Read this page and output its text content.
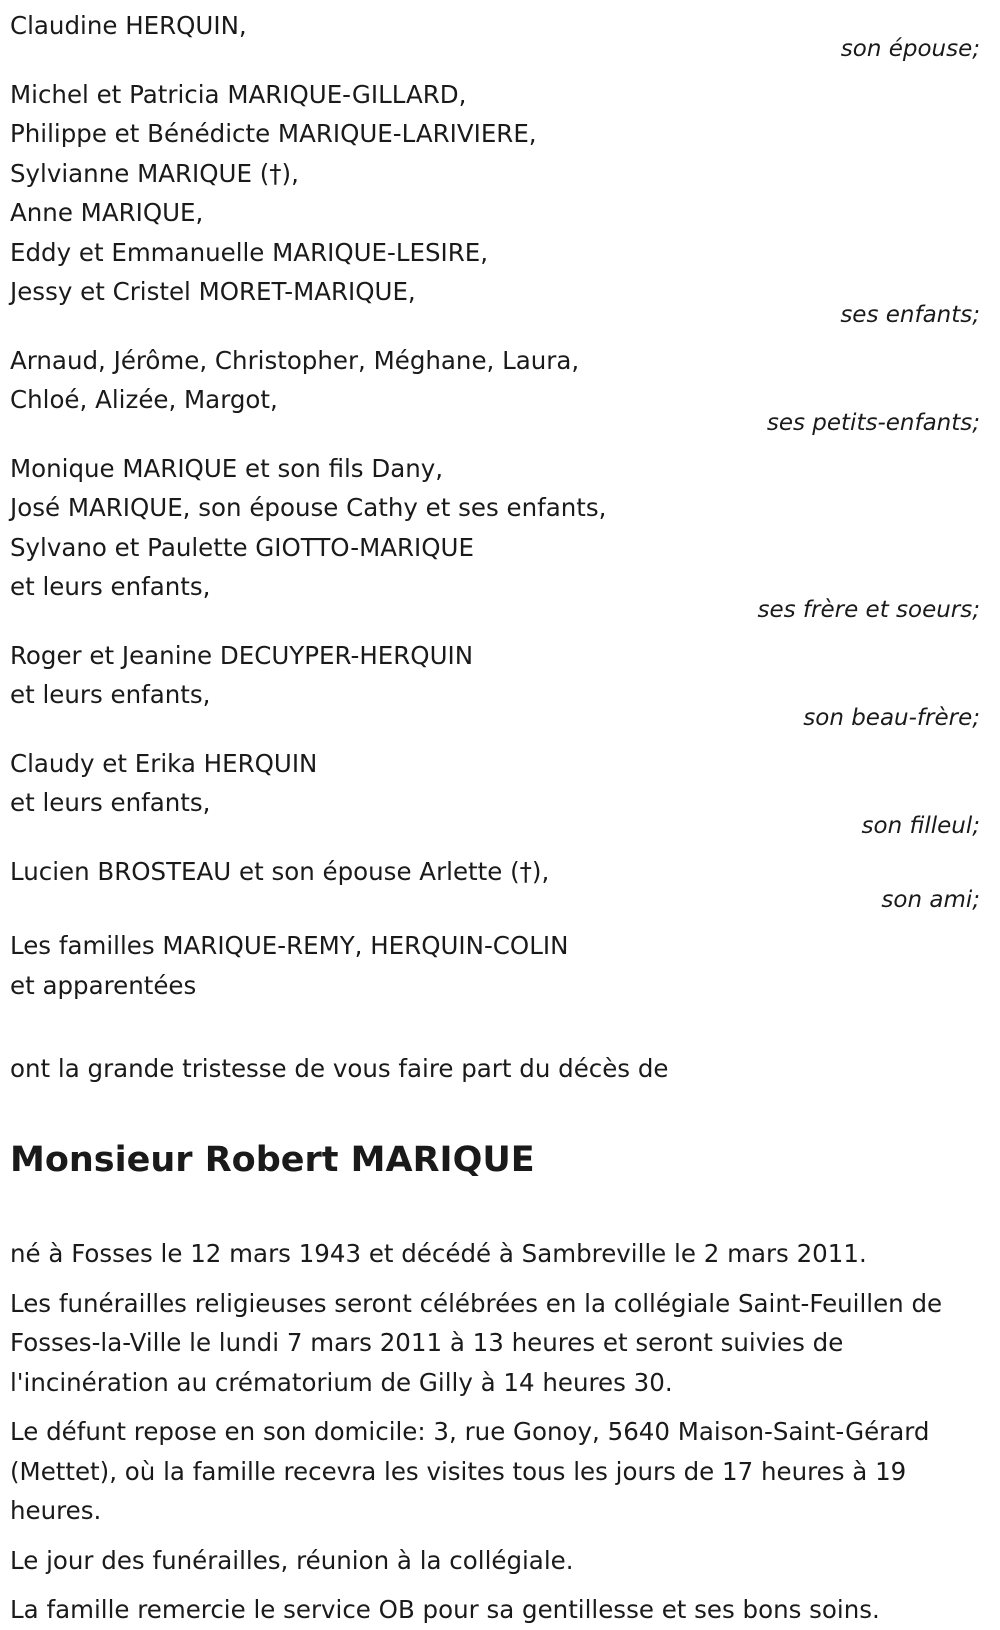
Claudine HERQUIN,
son épouse;
Michel et Patricia MARIQUE-GILLARD,
Philippe et Bénédicte MARIQUE-LARIVIERE,
Sylvianne MARIQUE (†),
Anne MARIQUE,
Eddy et Emmanuelle MARIQUE-LESIRE,
Jessy et Cristel MORET-MARIQUE,
ses enfants;
Arnaud, Jérôme, Christopher, Méghane, Laura,
Chloé, Alizée, Margot,
ses petits-enfants;
Monique MARIQUE et son fils Dany,
José MARIQUE, son épouse Cathy et ses enfants,
Sylvano et Paulette GIOTTO-MARIQUE
et leurs enfants,
ses frère et soeurs;
Roger et Jeanine DECUYPER-HERQUIN
et leurs enfants,
son beau-frère;
Claudy et Erika HERQUIN
et leurs enfants,
son filleul;
Lucien BROSTEAU et son épouse Arlette (†),
son ami;
Les familles MARIQUE-REMY, HERQUIN-COLIN
et apparentées
ont la grande tristesse de vous faire part du décès de
Monsieur Robert MARIQUE
né à Fosses le 12 mars 1943 et décédé à Sambreville le 2 mars 2011.
Les funérailles religieuses seront célébrées en la collégiale Saint-Feuillen de Fosses-la-Ville le lundi 7 mars 2011 à 13 heures et seront suivies de l'incinération au crématorium de Gilly à 14 heures 30.
Le défunt repose en son domicile: 3, rue Gonoy, 5640 Maison-Saint-Gérard (Mettet), où la famille recevra les visites tous les jours de 17 heures à 19 heures.
Le jour des funérailles, réunion à la collégiale.
La famille remercie le service OB pour sa gentillesse et ses bons soins.
